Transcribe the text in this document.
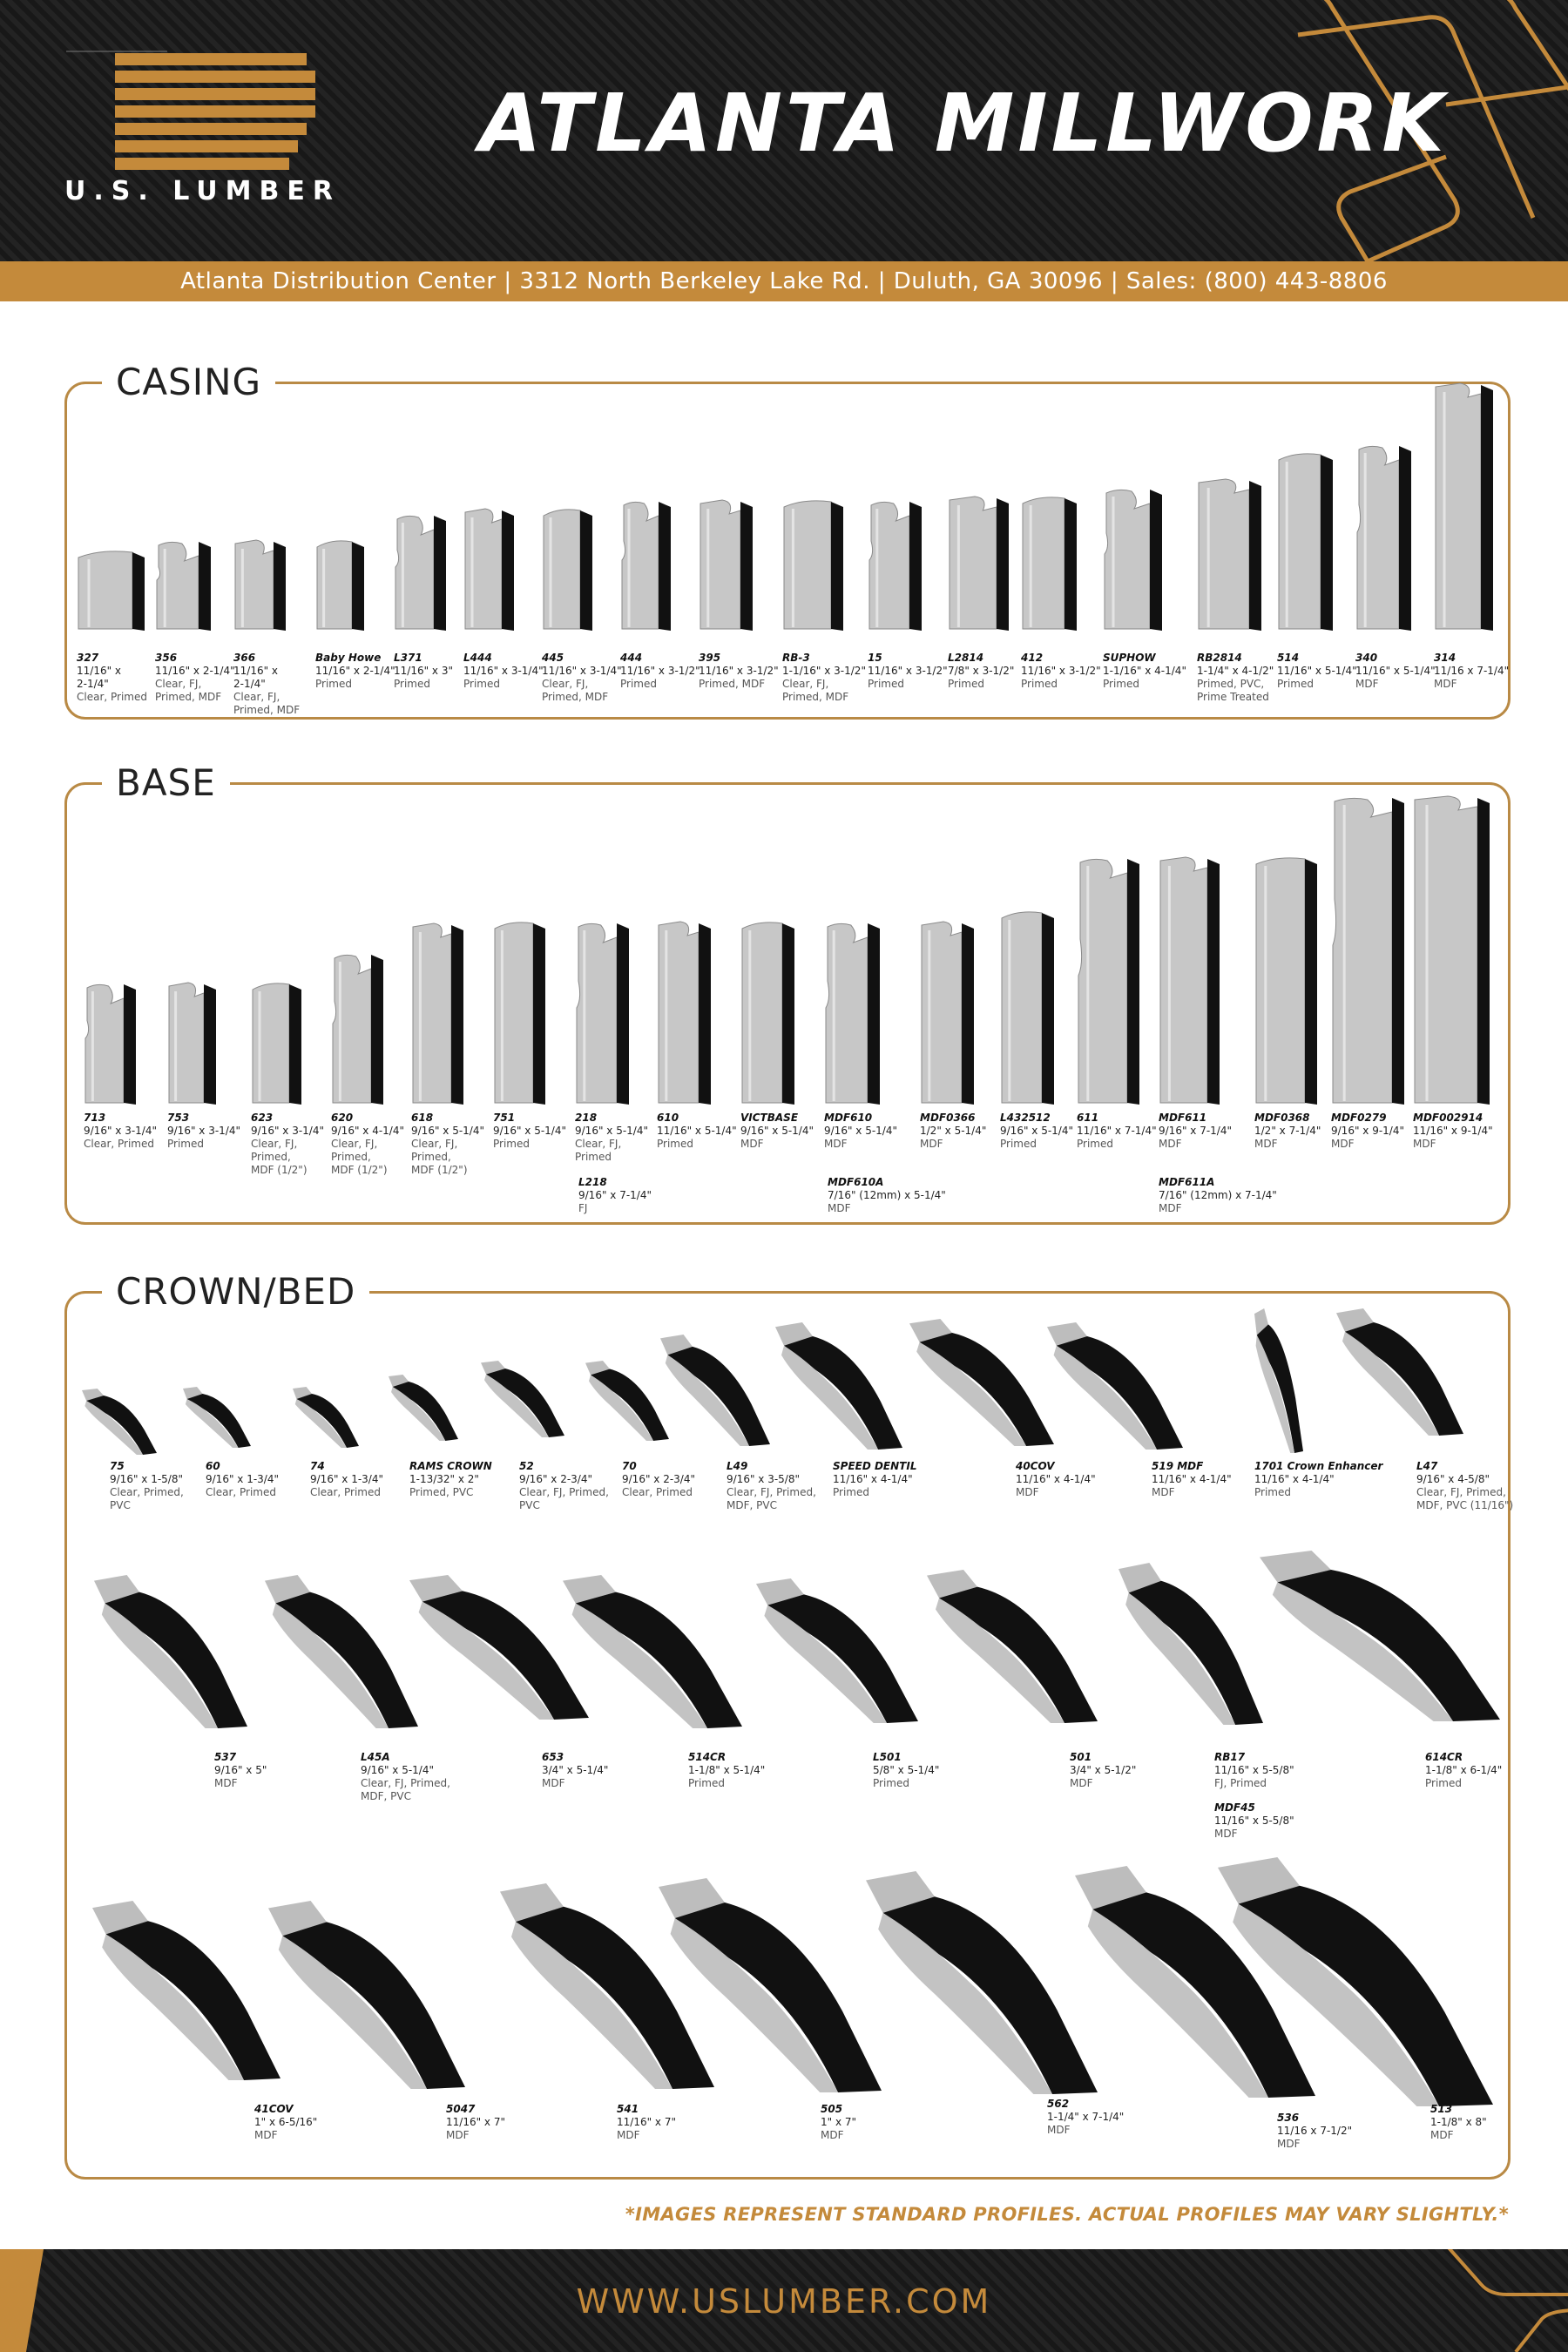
U.S. LUMBER
ATLANTA MILLWORK
Atlanta Distribution Center | 3312 North Berkeley Lake Rd. | Duluth, GA 30096 | Sales: (800) 443-8806
CASING
BASE
CROWN/BED
327
11/16" x
2-1/4"
Clear, Primed
356
11/16" x 2-1/4"
Clear, FJ,
Primed, MDF
366
11/16" x
2-1/4"
Clear, FJ,
Primed, MDF
Baby Howe
11/16" x 2-1/4"
Primed
L371
11/16" x 3"
Primed
L444
11/16" x 3-1/4"
Primed
445
11/16" x 3-1/4"
Clear, FJ,
Primed, MDF
444
11/16" x 3-1/2"
Primed
395
11/16" x 3-1/2"
Primed, MDF
RB-3
1-1/16" x 3-1/2"
Clear, FJ,
Primed, MDF
15
11/16" x 3-1/2"
Primed
L2814
7/8" x 3-1/2"
Primed
412
11/16" x 3-1/2"
Primed
SUPHOW
1-1/16" x 4-1/4"
Primed
RB2814
1-1/4" x 4-1/2"
Primed, PVC,
Prime Treated
514
11/16" x 5-1/4"
Primed
340
11/16" x 5-1/4"
MDF
314
11/16 x 7-1/4"
MDF
713
9/16" x 3-1/4"
Clear, Primed
753
9/16" x 3-1/4"
Primed
623
9/16" x 3-1/4"
Clear, FJ,
Primed,
MDF (1/2")
620
9/16" x 4-1/4"
Clear, FJ,
Primed,
MDF (1/2")
618
9/16" x 5-1/4"
Clear, FJ,
Primed,
MDF (1/2")
751
9/16" x 5-1/4"
Primed
218
9/16" x 5-1/4"
Clear, FJ,
Primed
610
11/16" x 5-1/4"
Primed
VICTBASE
9/16" x 5-1/4"
MDF
MDF610
9/16" x 5-1/4"
MDF
MDF0366
1/2" x 5-1/4"
MDF
L432512
9/16" x 5-1/4"
Primed
611
11/16" x 7-1/4"
Primed
MDF611
9/16" x 7-1/4"
MDF
MDF0368
1/2" x 7-1/4"
MDF
MDF0279
9/16" x 9-1/4"
MDF
MDF002914
11/16" x 9-1/4"
MDF
L218
9/16" x 7-1/4"
FJ
MDF610A
7/16" (12mm) x 5-1/4"
MDF
MDF611A
7/16" (12mm) x 7-1/4"
MDF
75
9/16" x 1-5/8"
Clear, Primed,
PVC
60
9/16" x 1-3/4"
Clear, Primed
74
9/16" x 1-3/4"
Clear, Primed
RAMS CROWN
1-13/32" x 2"
Primed, PVC
52
9/16" x 2-3/4"
Clear, FJ, Primed,
PVC
70
9/16" x 2-3/4"
Clear, Primed
L49
9/16" x 3-5/8"
Clear, FJ, Primed,
MDF, PVC
SPEED DENTIL
11/16" x 4-1/4"
Primed
40COV
11/16" x 4-1/4"
MDF
519 MDF
11/16" x 4-1/4"
MDF
1701 Crown Enhancer
11/16" x 4-1/4"
Primed
L47
9/16" x 4-5/8"
Clear, FJ, Primed,
MDF, PVC (11/16")
537
9/16" x 5"
MDF
L45A
9/16" x 5-1/4"
Clear, FJ, Primed,
MDF, PVC
653
3/4" x 5-1/4"
MDF
514CR
1-1/8" x 5-1/4"
Primed
L501
5/8" x 5-1/4"
Primed
501
3/4" x 5-1/2"
MDF
RB17
11/16" x 5-5/8"
FJ, Primed
614CR
1-1/8" x 6-1/4"
Primed
41COV
1" x 6-5/16"
MDF
5047
11/16" x 7"
MDF
541
11/16" x 7"
MDF
505
1" x 7"
MDF
562
1-1/4" x 7-1/4"
MDF
536
11/16 x 7-1/2"
MDF
513
1-1/8" x 8"
MDF
MDF45
11/16" x 5-5/8"
MDF
*IMAGES REPRESENT STANDARD PROFILES. ACTUAL PROFILES MAY VARY SLIGHTLY.*
WWW.USLUMBER.COM
